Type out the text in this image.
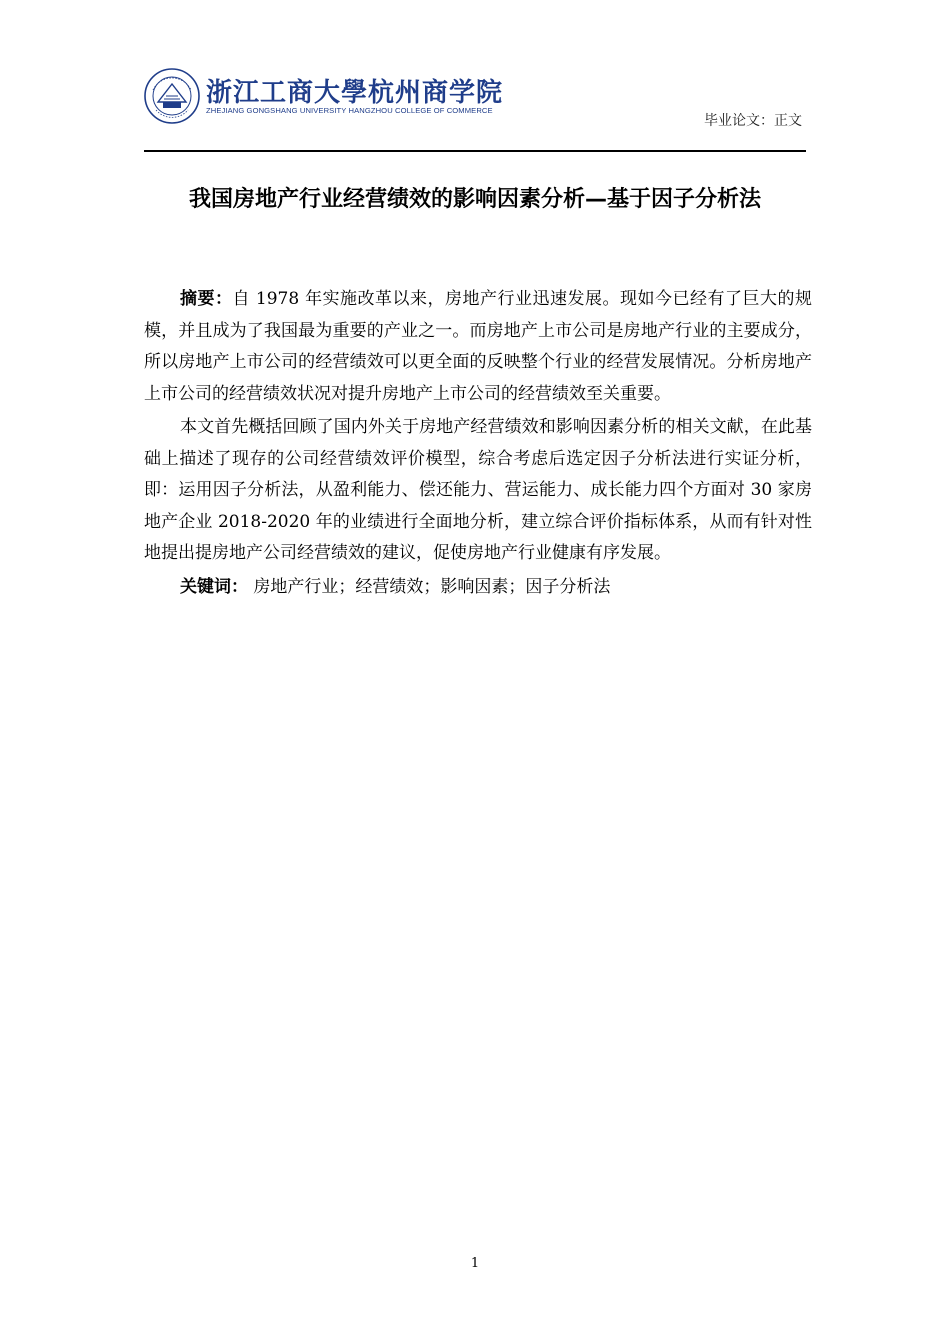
浙江工商大學杭州商学院
ZHEJIANG GONGSHANG UNIVERSITY HANGZHOU COLLEGE OF COMMERCE
毕业论文：正文
我国房地产行业经营绩效的影响因素分析—基于因子分析法

摘要：自 1978 年实施改革以来，房地产行业迅速发展。现如今已经有了巨大的规模，并且成为了我国最为重要的产业之一。而房地产上市公司是房地产行业的主要成分，所以房地产上市公司的经营绩效可以更全面的反映整个行业的经营发展情况。分析房地产上市公司的经营绩效状况对提升房地产上市公司的经营绩效至关重要。

本文首先概括回顾了国内外关于房地产经营绩效和影响因素分析的相关文献，在此基础上描述了现存的公司经营绩效评价模型，综合考虑后选定因子分析法进行实证分析，即：运用因子分析法，从盈利能力、偿还能力、营运能力、成长能力四个方面对 30 家房地产企业 2018-2020 年的业绩进行全面地分析，建立综合评价指标体系，从而有针对性地提出提房地产公司经营绩效的建议，促使房地产行业健康有序发展。

关键词： 房地产行业；经营绩效；影响因素；因子分析法

1
